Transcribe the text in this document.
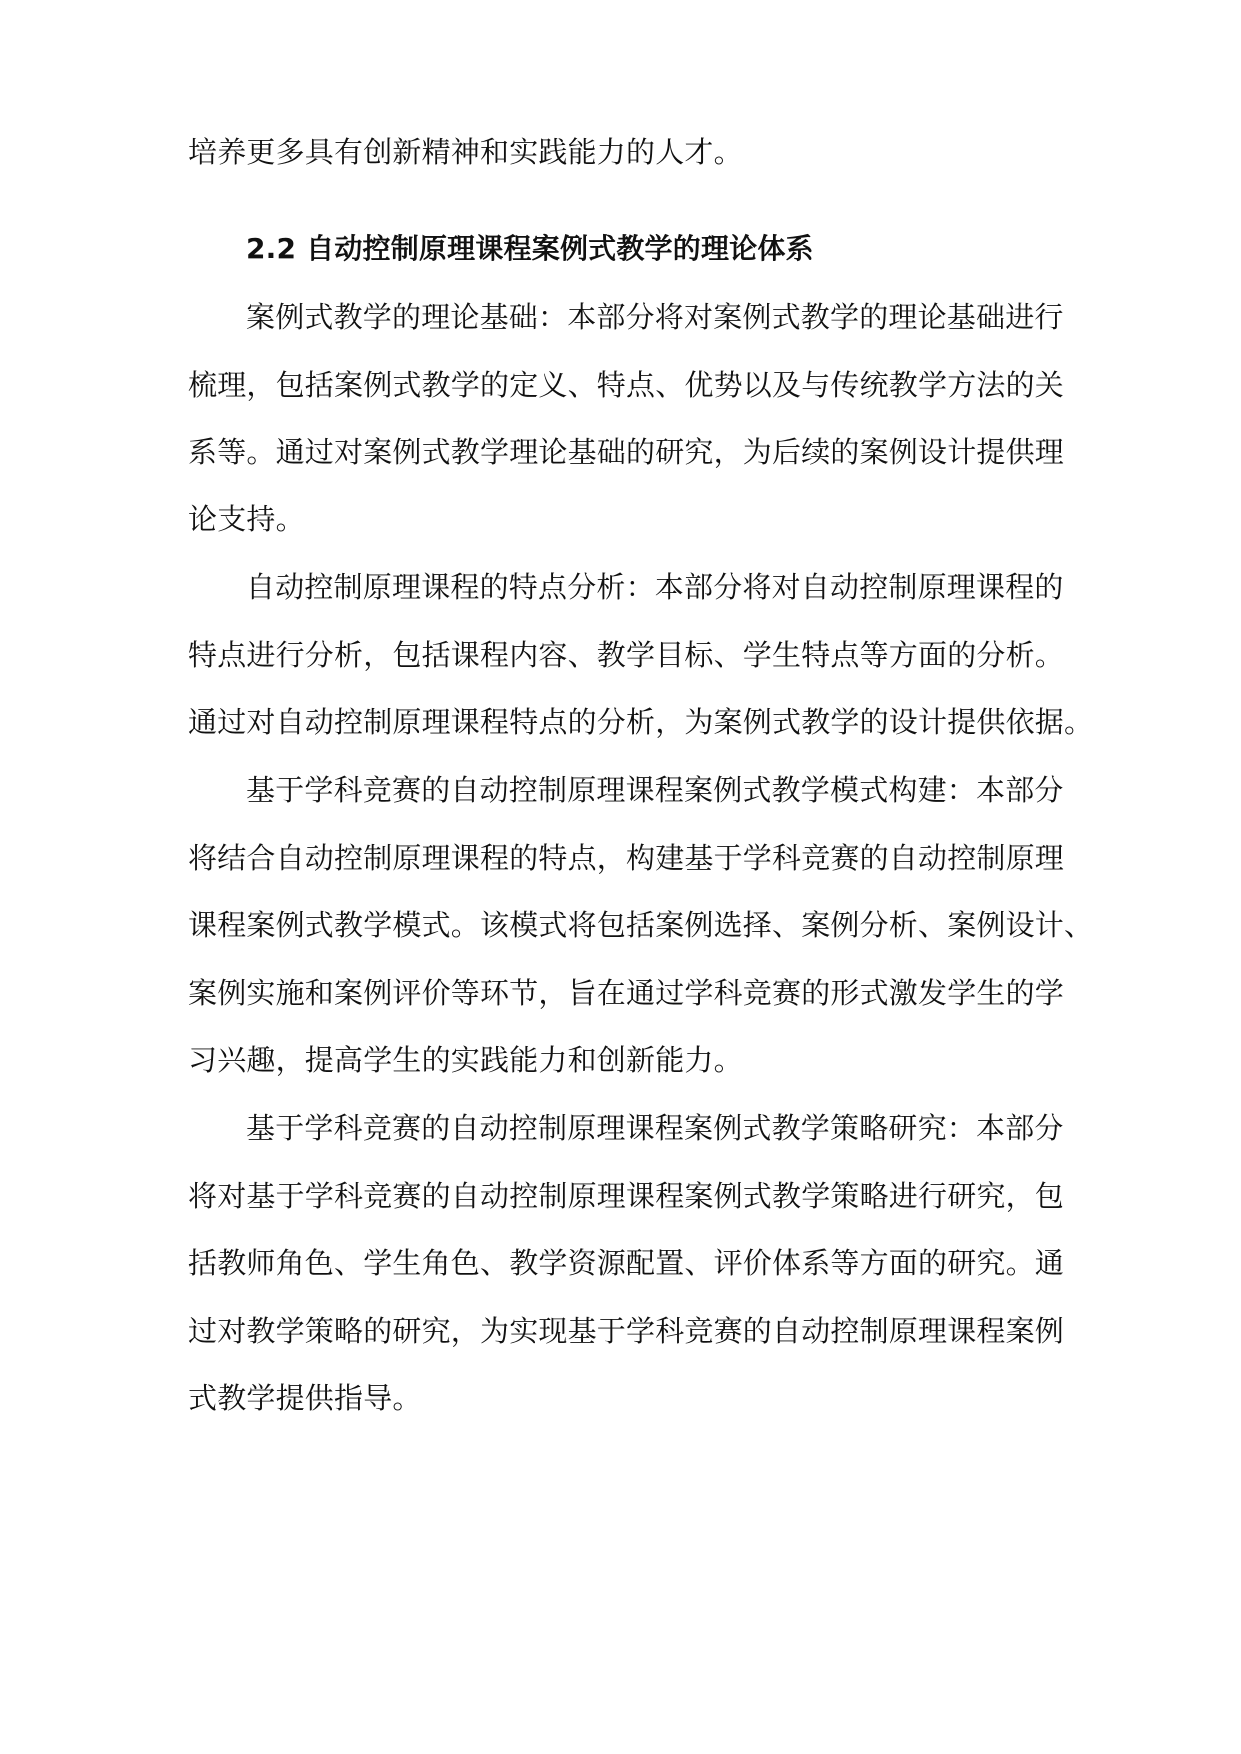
培养更多具有创新精神和实践能力的人才。
2.2 自动控制原理课程案例式教学的理论体系
案例式教学的理论基础：本部分将对案例式教学的理论基础进行
梳理，包括案例式教学的定义、特点、优势以及与传统教学方法的关
系等。通过对案例式教学理论基础的研究，为后续的案例设计提供理
论支持。
自动控制原理课程的特点分析：本部分将对自动控制原理课程的
特点进行分析，包括课程内容、教学目标、学生特点等方面的分析。
通过对自动控制原理课程特点的分析，为案例式教学的设计提供依据。
基于学科竞赛的自动控制原理课程案例式教学模式构建：本部分
将结合自动控制原理课程的特点，构建基于学科竞赛的自动控制原理
课程案例式教学模式。该模式将包括案例选择、案例分析、案例设计、
案例实施和案例评价等环节，旨在通过学科竞赛的形式激发学生的学
习兴趣，提高学生的实践能力和创新能力。
基于学科竞赛的自动控制原理课程案例式教学策略研究：本部分
将对基于学科竞赛的自动控制原理课程案例式教学策略进行研究，包
括教师角色、学生角色、教学资源配置、评价体系等方面的研究。通
过对教学策略的研究，为实现基于学科竞赛的自动控制原理课程案例
式教学提供指导。
